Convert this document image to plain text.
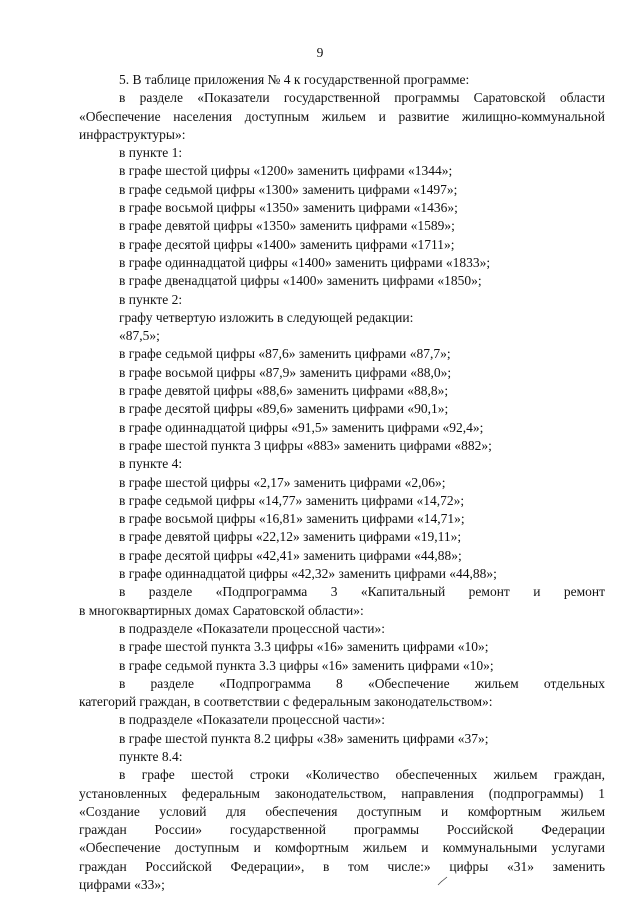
9
5. В таблице приложения № 4 к государственной программе:
в разделе «Показатели государственной программы Саратовской области
«Обеспечение населения доступным жильем и развитие жилищно-коммунальной
инфраструктуры»:
в пункте 1:
в графе шестой цифры «1200» заменить цифрами «1344»;
в графе седьмой цифры «1300» заменить цифрами «1497»;
в графе восьмой цифры «1350» заменить цифрами «1436»;
в графе девятой цифры «1350» заменить цифрами «1589»;
в графе десятой цифры «1400» заменить цифрами «1711»;
в графе одиннадцатой цифры «1400» заменить цифрами «1833»;
в графе двенадцатой цифры «1400» заменить цифрами «1850»;
в пункте 2:
графу четвертую изложить в следующей редакции:
«87,5»;
в графе седьмой цифры «87,6» заменить цифрами «87,7»;
в графе восьмой цифры «87,9» заменить цифрами «88,0»;
в графе девятой цифры «88,6» заменить цифрами «88,8»;
в графе десятой цифры «89,6» заменить цифрами «90,1»;
в графе одиннадцатой цифры «91,5» заменить цифрами «92,4»;
в графе шестой пункта 3 цифры «883» заменить цифрами «882»;
в пункте 4:
в графе шестой цифры «2,17» заменить цифрами «2,06»;
в графе седьмой цифры «14,77» заменить цифрами «14,72»;
в графе восьмой цифры «16,81» заменить цифрами «14,71»;
в графе девятой цифры «22,12» заменить цифрами «19,11»;
в графе десятой цифры «42,41» заменить цифрами «44,88»;
в графе одиннадцатой цифры «42,32» заменить цифрами «44,88»;
в разделе «Подпрограмма 3 «Капитальный ремонт и ремонт
в многоквартирных домах Саратовской области»:
в подразделе «Показатели процессной части»:
в графе шестой пункта 3.3 цифры «16» заменить цифрами «10»;
в графе седьмой пункта 3.3 цифры «16» заменить цифрами «10»;
в разделе «Подпрограмма 8 «Обеспечение жильем отдельных
категорий граждан, в соответствии с федеральным законодательством»:
в подразделе «Показатели процессной части»:
в графе шестой пункта 8.2 цифры «38» заменить цифрами «37»;
пункте 8.4:
в графе шестой строки «Количество обеспеченных жильем граждан,
установленных федеральным законодательством, направления (подпрограммы) 1
«Создание условий для обеспечения доступным и комфортным жильем
граждан России» государственной программы Российской Федерации
«Обеспечение доступным и комфортным жильем и коммунальными услугами
граждан Российской Федерации», в том числе:» цифры «31» заменить
цифрами «33»;
